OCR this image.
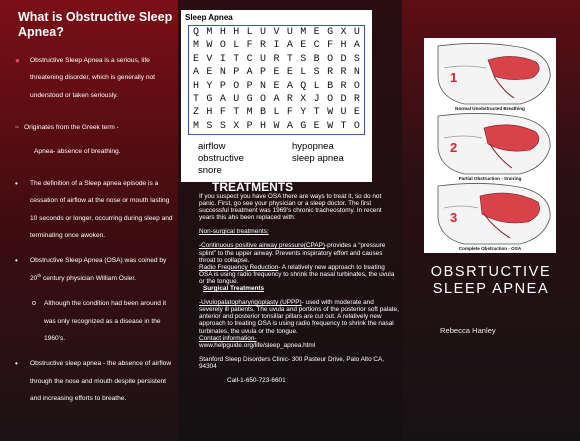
What is Obstructive Sleep Apnea?
● Obstructive Sleep Apnea is a serious, life threatening disorder, which is generally not understood or taken seriously.

~ Originates from the Greek term -

Apnea- absence of breathing.

• The definition of a Sleep apnea episode is a cessation of airflow at the nose or mouth lasting 10 seconds or longer, occurring during sleep and terminating once awoken.

• Obstructive Sleep Apnea (OSA) was coined by 20th century physician William Osler.

o Although the condition had been around it was only recognized as a disease in the 1960’s.

• Obstructive sleep apnea - the absence of airflow through the nose and mouth despite persistent and increasing efforts to breathe.

Sleep Apnea
Q M H H L U V U M E G X U
M W O L F R I A E C F H A
E V I T C U R T S B O D S
A E N P A P E E L S R R N
H Y P O P N E A Q L B R O
T G A U G O A R X J O D R
Z H F T M B L F Y T W U E
M S S X P H W A G E W T O
airflow
obstructive
snore
hypopnea
sleep apnea
TREATMENTS

If you suspect you have OSA there are ways to treat it, so do not panic. First, go see your physician or a sleep doctor. The first successful treatment was 1969’s chronic tracheostomy. In recent years this ahs been replaced with:

Non-surgical treatments:

-Continuous positive airway pressure(CPAP)-provides a “pressure splint” to the upper airway. Prevents inspiratory effort and causes throat to collapse.

Radio Frequency Reduction- A relatively new approach to treating OSA is using radio frequency to shrink the nasal turbinates, the uvula or the tongue.

Surgical Treatments

-Uvulopalatopharyngoplasty (UPPP)- used with moderate and severely ill patients. The uvula and portions of the posterior soft palate, anterior and posterior tonsillar pillars are cut out. A relatively new approach to treating OSA is using radio frequency to shrink the nasal turbinates, the uvula or the tongue.

Contact information-

www.helpguide.org/life/sleep_apnea.html

Stanford Sleep Disorders Clinic- 300 Pasteur Drive, Palo Alto CA, 94304

Call-1-650-723-6601

1
2
3
Normal Unobstructed Breathing
Partial Obstruction - Snoring
Complete Obstruction - OSA
OBSRTUCTIVE SLEEP APNEA
Rebecca Hanley
